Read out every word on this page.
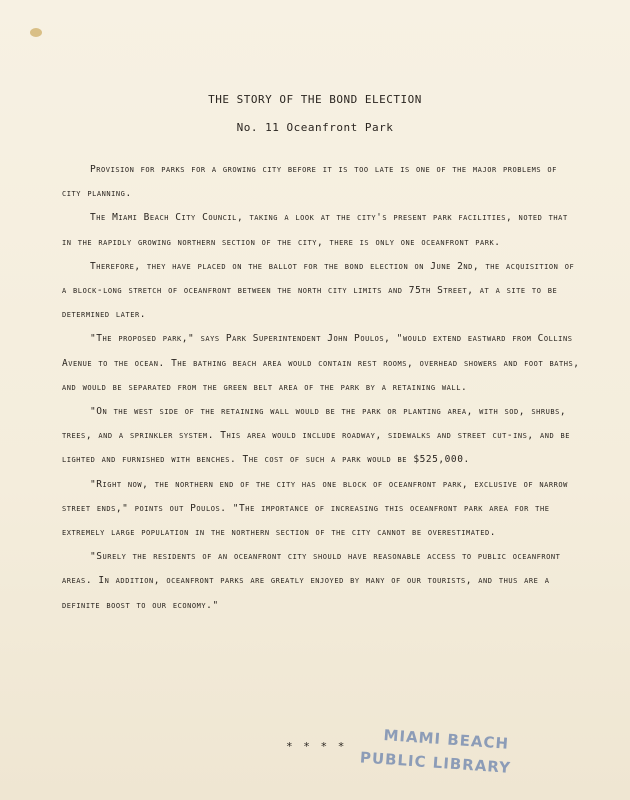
THE STORY OF THE BOND ELECTION
No. 11 Oceanfront Park

Provision for parks for a growing city before it is too late is one of the major problems of city planning.

The Miami Beach City Council, taking a look at the city's present park facilities, noted that in the rapidly growing northern section of the city, there is only one oceanfront park.

Therefore, they have placed on the ballot for the bond election on June 2nd, the acquisition of a block-long stretch of oceanfront between the north city limits and 75th Street, at a site to be determined later.

"The proposed park," says Park Superintendent John Poulos, "would extend eastward from Collins Avenue to the ocean. The bathing beach area would contain rest rooms, overhead showers and foot baths, and would be separated from the green belt area of the park by a retaining wall.

"On the west side of the retaining wall would be the park or planting area, with sod, shrubs, trees, and a sprinkler system. This area would include roadway, sidewalks and street cut-ins, and be lighted and furnished with benches. The cost of such a park would be $525,000.

"Right now, the northern end of the city has one block of oceanfront park, exclusive of narrow street ends," points out Poulos. "The importance of increasing this oceanfront park area for the extremely large population in the northern section of the city cannot be overestimated.

"Surely the residents of an oceanfront city should have reasonable access to public oceanfront areas. In addition, oceanfront parks are greatly enjoyed by many of our tourists, and thus are a definite boost to our economy."

* * * * MIAMI BEACH
PUBLIC LIBRARY
